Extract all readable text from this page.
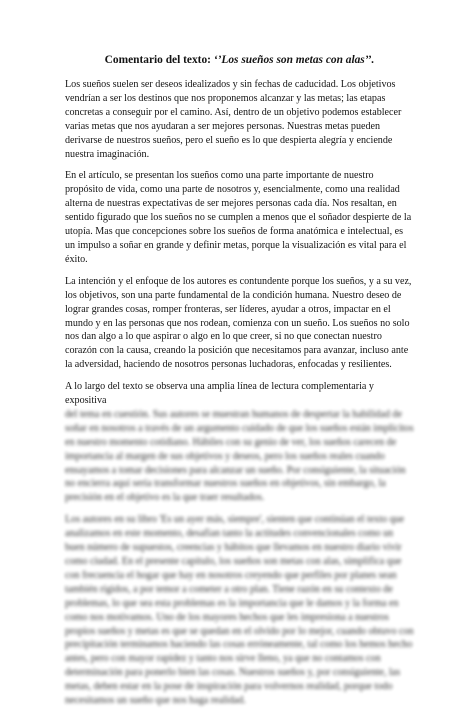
Comentario del texto: ‘’Los sueños son metas con alas’’.

Los sueños suelen ser deseos idealizados y sin fechas de caducidad. Los objetivos vendrían a ser los destinos que nos proponemos alcanzar y las metas; las etapas concretas a conseguir por el camino. Así, dentro de un objetivo podemos establecer varias metas que nos ayudaran a ser mejores personas. Nuestras metas pueden derivarse de nuestros sueños, pero el sueño es lo que despierta alegría y enciende nuestra imaginación.

En el artículo, se presentan los sueños como una parte importante de nuestro propósito de vida, como una parte de nosotros y, esencialmente, como una realidad alterna de nuestras expectativas de ser mejores personas cada día. Nos resaltan, en sentido figurado que los sueños no se cumplen a menos que el soñador despierte de la utopía. Mas que concepciones sobre los sueños de forma anatómica e intelectual, es un impulso a soñar en grande y definir metas, porque la visualización es vital para el éxito.

La intención y el enfoque de los autores es contundente porque los sueños, y a su vez, los objetivos, son una parte fundamental de la condición humana. Nuestro deseo de lograr grandes cosas, romper fronteras, ser líderes, ayudar a otros, impactar en el mundo y en las personas que nos rodean, comienza con un sueño. Los sueños no solo nos dan algo a lo que aspirar o algo en lo que creer, si no que conectan nuestro corazón con la causa, creando la posición que necesitamos para avanzar, incluso ante la adversidad, haciendo de nosotros personas luchadoras, enfocadas y resilientes.

A lo largo del texto se observa una amplia línea de lectura complementaria y expositiva

del tema en cuestión. Sus autores se muestran humanos de despertar la habilidad de soñar en nosotros a través de un argumento cuidado de que los sueños están implícitos en nuestro momento cotidiano. Hábiles con su genio de ver, los sueños carecen de importancia al margen de sus objetivos y deseos, pero los sueños reales cuando ensayamos a tomar decisiones para alcanzar un sueño. Por consiguiente, la situación no encierra aquí sería transformar nuestros sueños en objetivos, sin embargo, la precisión en el objetivo es la que traer resultados.

Los autores en su libro 'Es un ayer más, siempre', sienten que continúan el texto que analizamos en este momento, desafían tanto la actitudes convencionales como un buen número de supuestos, creencias y hábitos que llevamos en nuestro diario vivir como ciudad. En el presente capítulo, los sueños son metas con alas, simplifica que con frecuencia el hogar que hay en nosotros creyendo que perfiles por planes sean también rígidos, a por temor a cometer a otro plan. Tiene razón en su contexto de problemas, lo que sea esta problemas es la importancia que le damos y la forma en como nos motivamos. Uno de los mayores hechos que les impresiona a nuestros propios sueños y metas es que se quedan en el olvido por lo mejor, cuando obtuvo con precipitación terminamos haciendo las cosas erróneamente, tal como los hemos hecho antes, pero con mayor rapidez y tanto nos sirve lleno, ya que no contamos con determinación para ponerlo bien las cosas. Nuestros sueños y, por consiguiente, las metas, deben estar en la pose de inspiración para volvernos realidad, porque todo necesitamos un sueño que nos haga realidad.
